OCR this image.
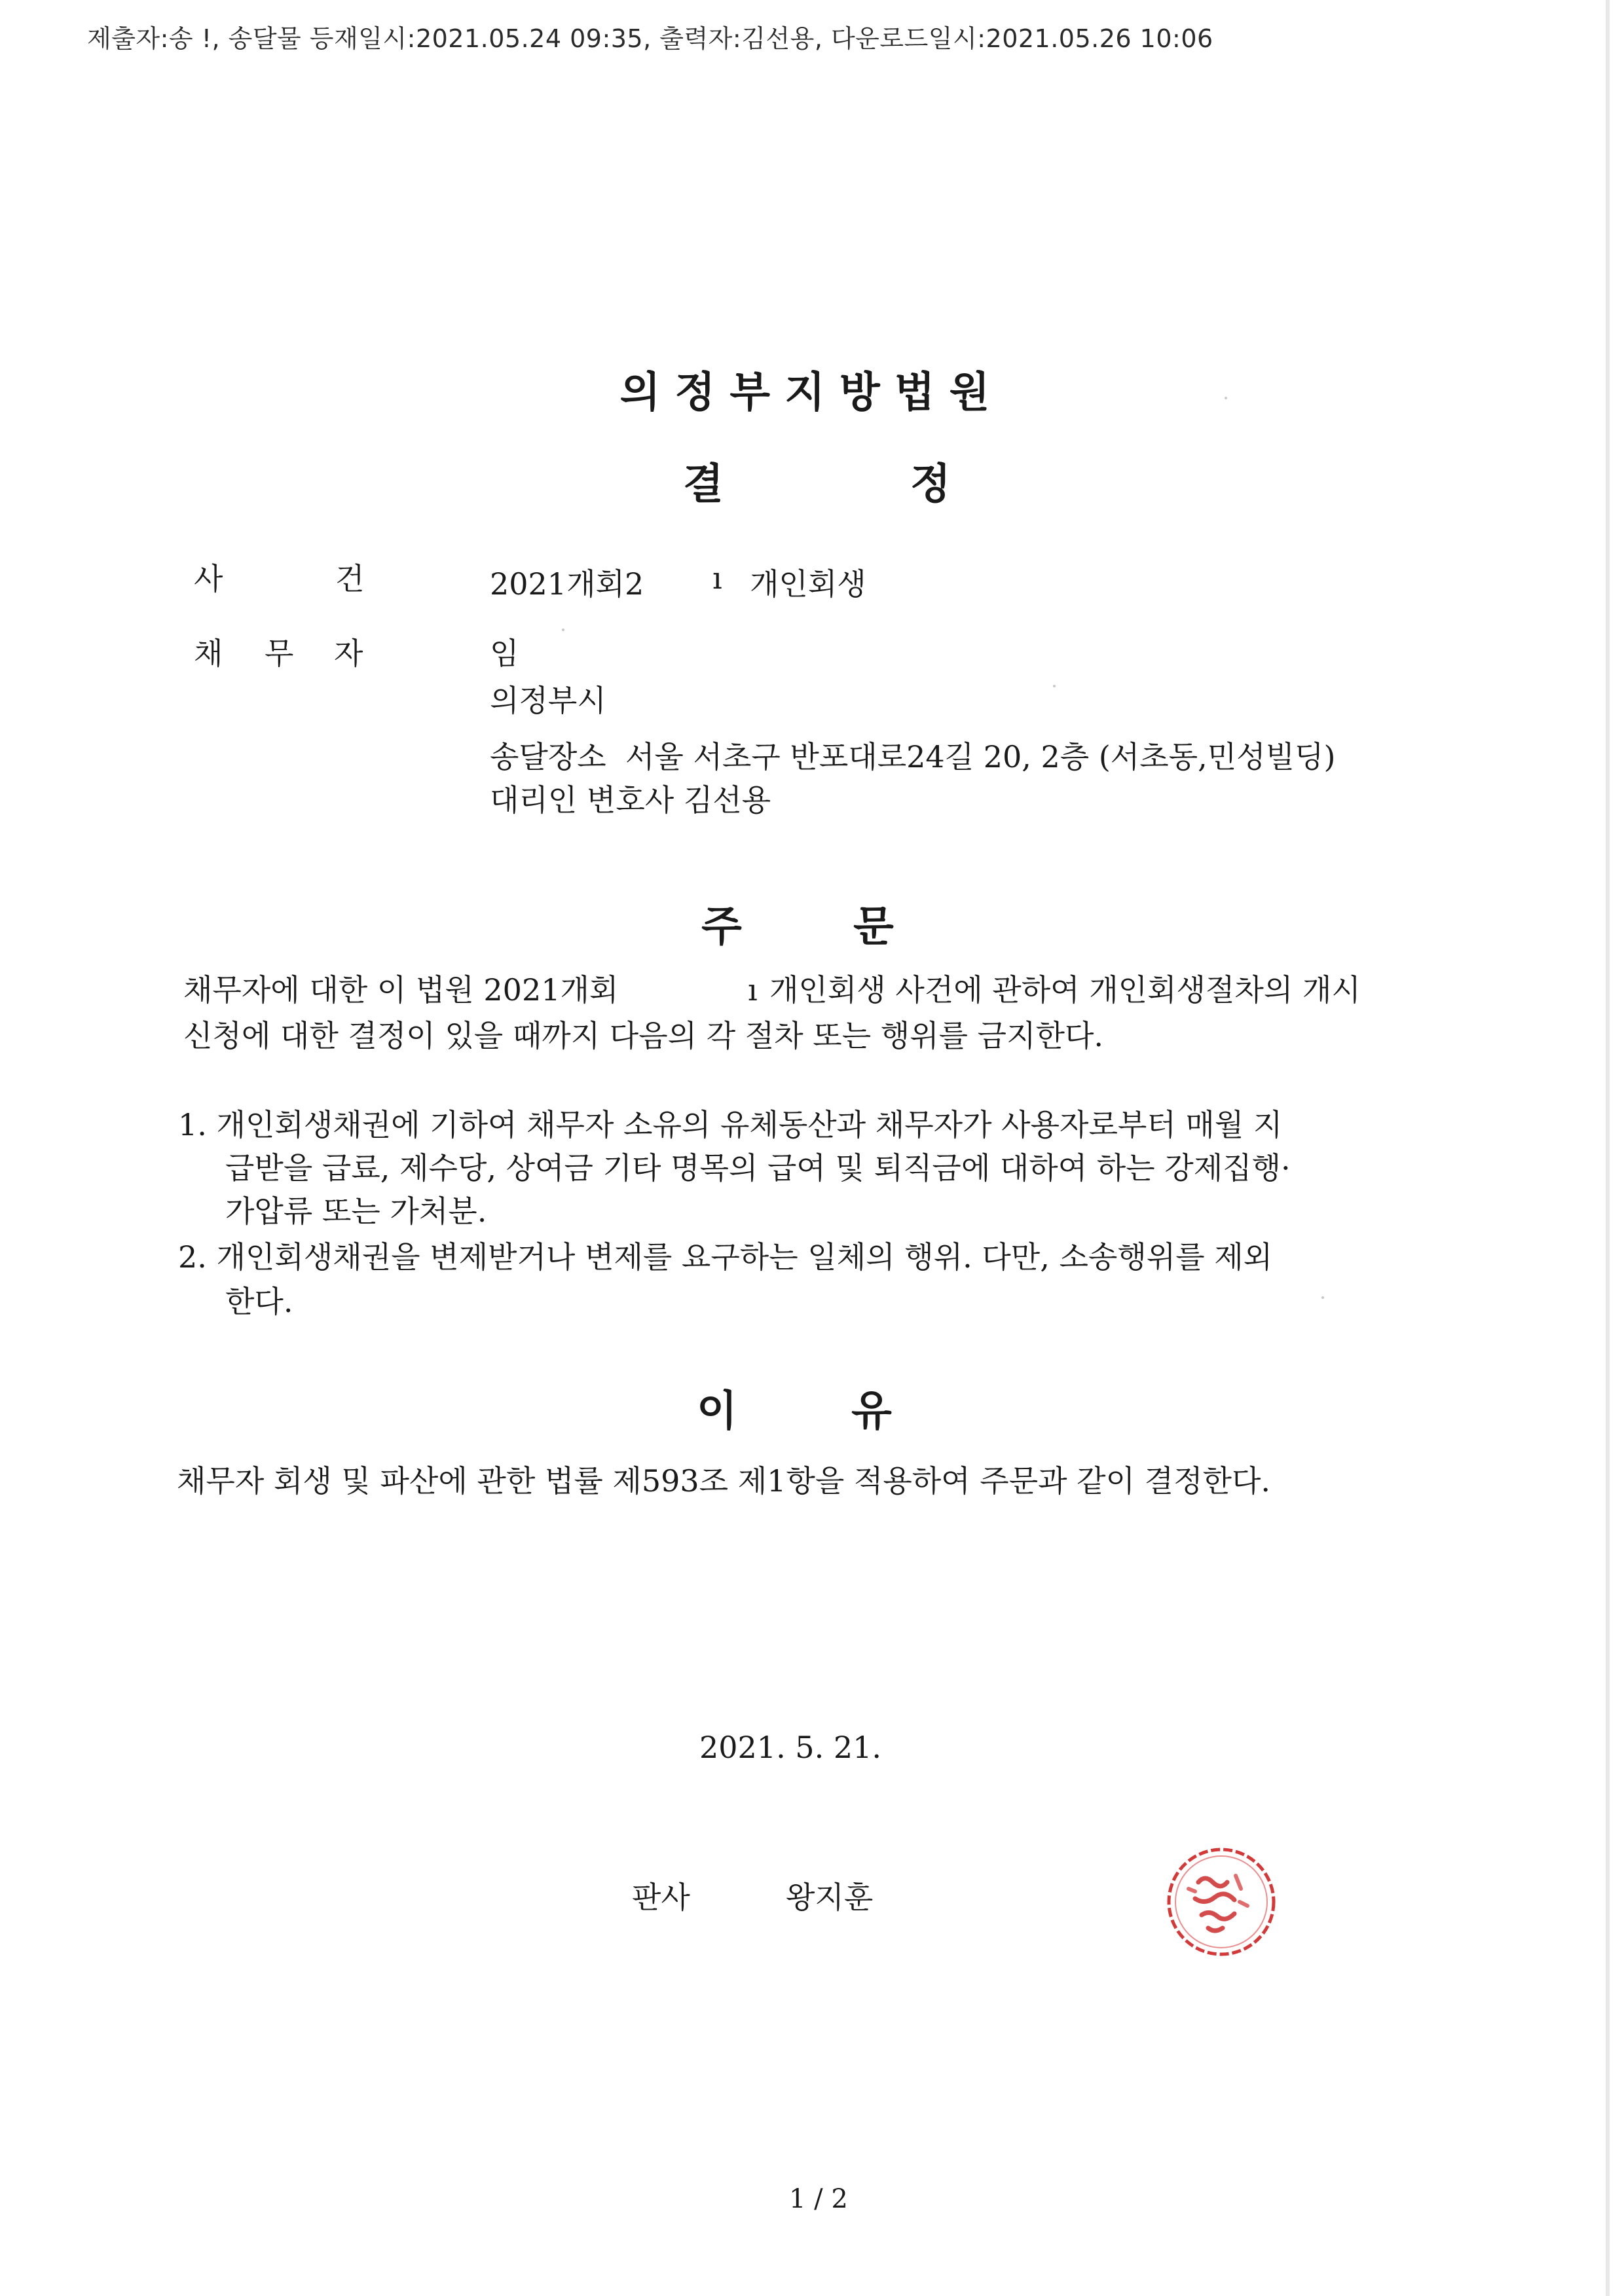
제출자:송 !, 송달물 등재일시:2021.05.24 09:35, 출력자:김선용, 다운로드일시:2021.05.26 10:06
의정부지방법원
결	정
사	건	2021개회2 ı 개인회생
채 무 자	임
의정부시
송달장소  서울 서초구 반포대로24길 20, 2층 (서초동,민성빌딩)
대리인 변호사 김선용
주	문
채무자에 대한 이 법원 2021개회	ı 개인회생 사건에 관하여 개인회생절차의 개시
신청에 대한 결정이 있을 때까지 다음의 각 절차 또는 행위를 금지한다.
1. 개인회생채권에 기하여 채무자 소유의 유체동산과 채무자가 사용자로부터 매월 지
급받을 급료, 제수당, 상여금 기타 명목의 급여 및 퇴직금에 대하여 하는 강제집행·
가압류 또는 가처분.
2. 개인회생채권을 변제받거나 변제를 요구하는 일체의 행위. 다만, 소송행위를 제외
한다.
이	유
채무자 회생 및 파산에 관한 법률 제593조 제1항을 적용하여 주문과 같이 결정한다.
2021. 5. 21.
판사	왕지훈
1 / 2
